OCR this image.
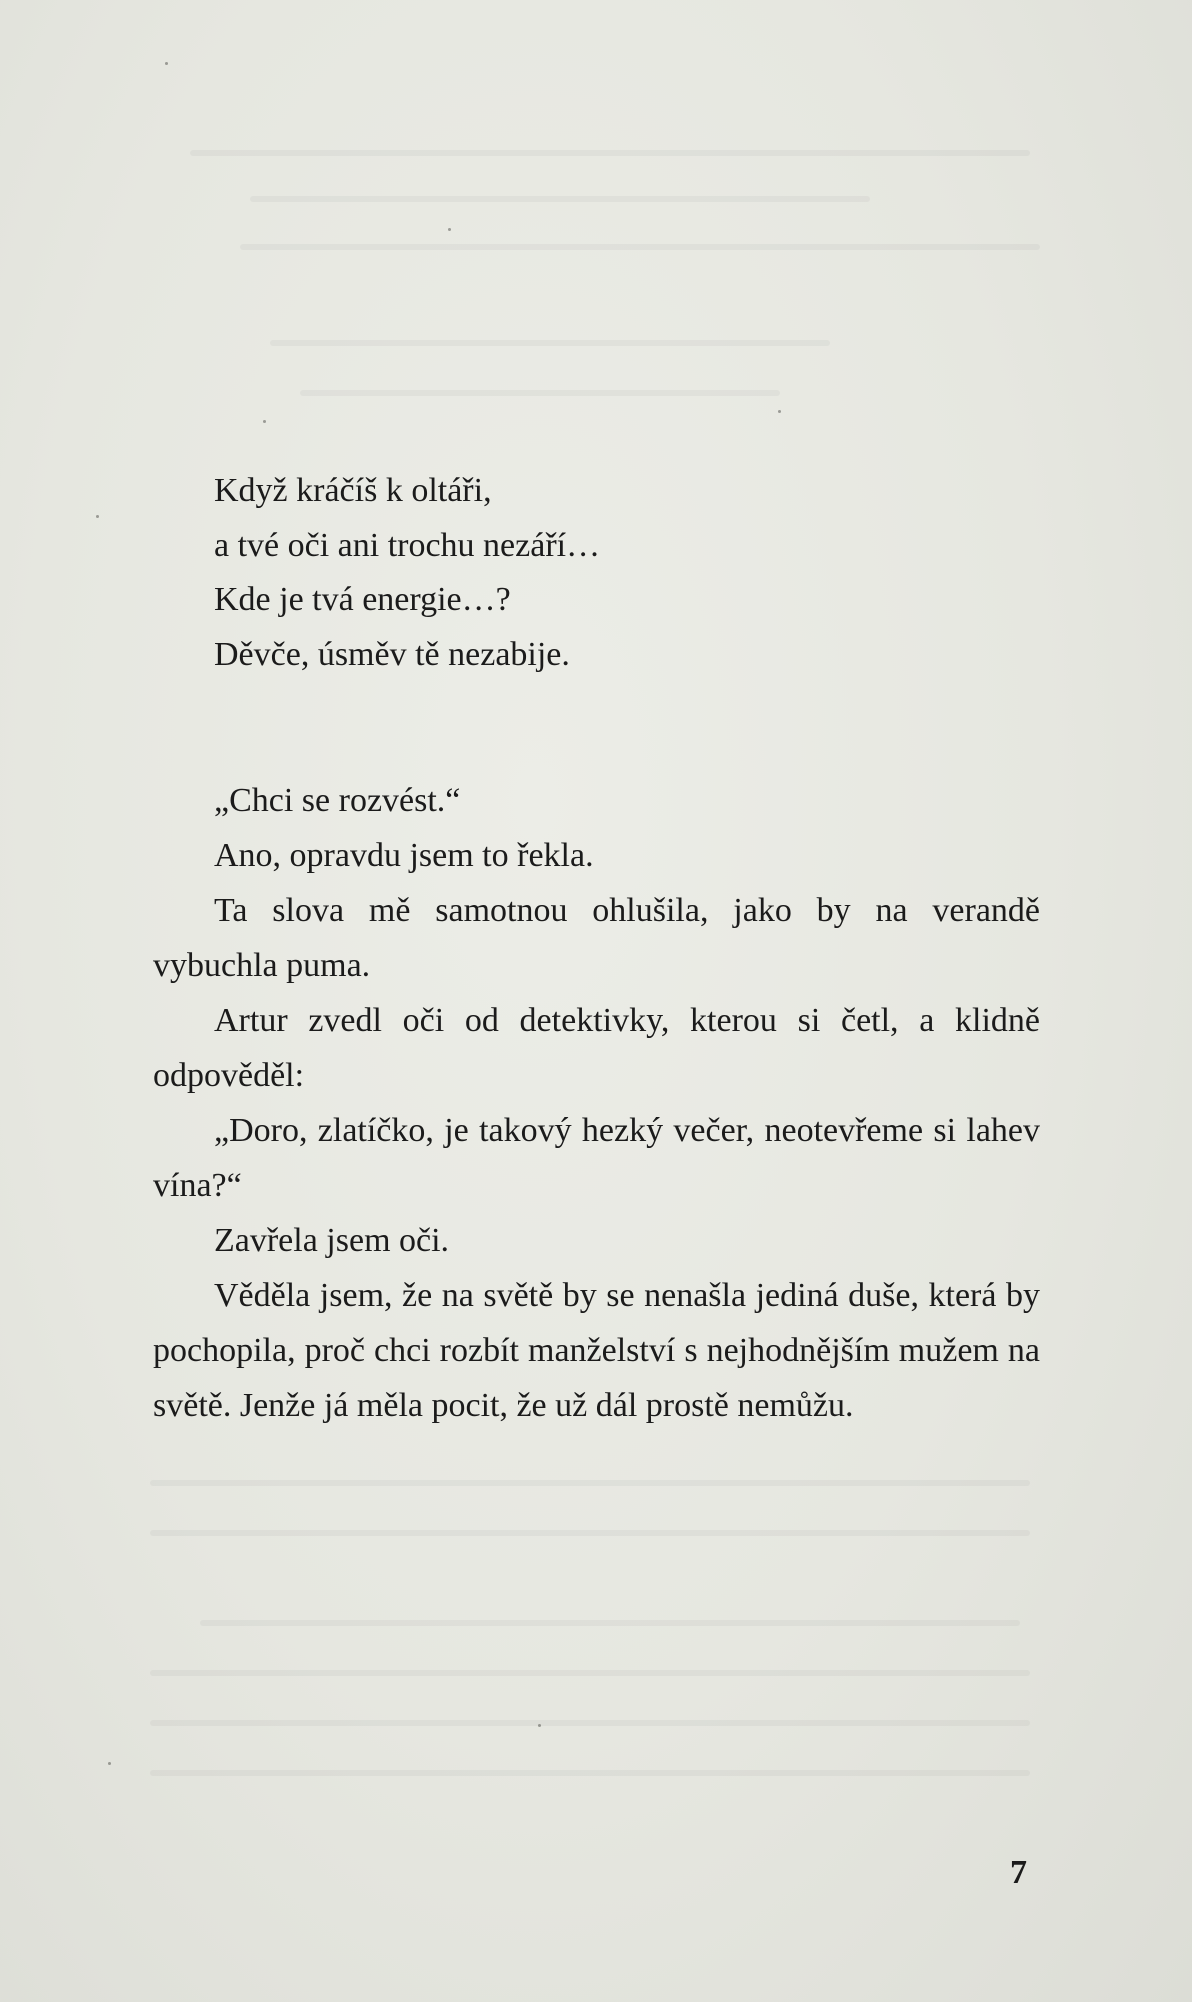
Když kráčíš k oltáři,
a tvé oči ani trochu nezáří…
Kde je tvá energie…?
Děvče, úsměv tě nezabije.

„Chci se rozvést.“

Ano, opravdu jsem to řekla.

Ta slova mě samotnou ohlušila, jako by na verandě vybuchla puma.

Artur zvedl oči od detektivky, kterou si četl, a klidně odpověděl:

„Doro, zlatíčko, je takový hezký večer, neotevřeme si lahev vína?“

Zavřela jsem oči.

Věděla jsem, že na světě by se nenašla jediná duše, která by pochopila, proč chci rozbít manželství s nejhodnějším mužem na světě. Jenže já měla pocit, že už dál prostě nemůžu.

7
